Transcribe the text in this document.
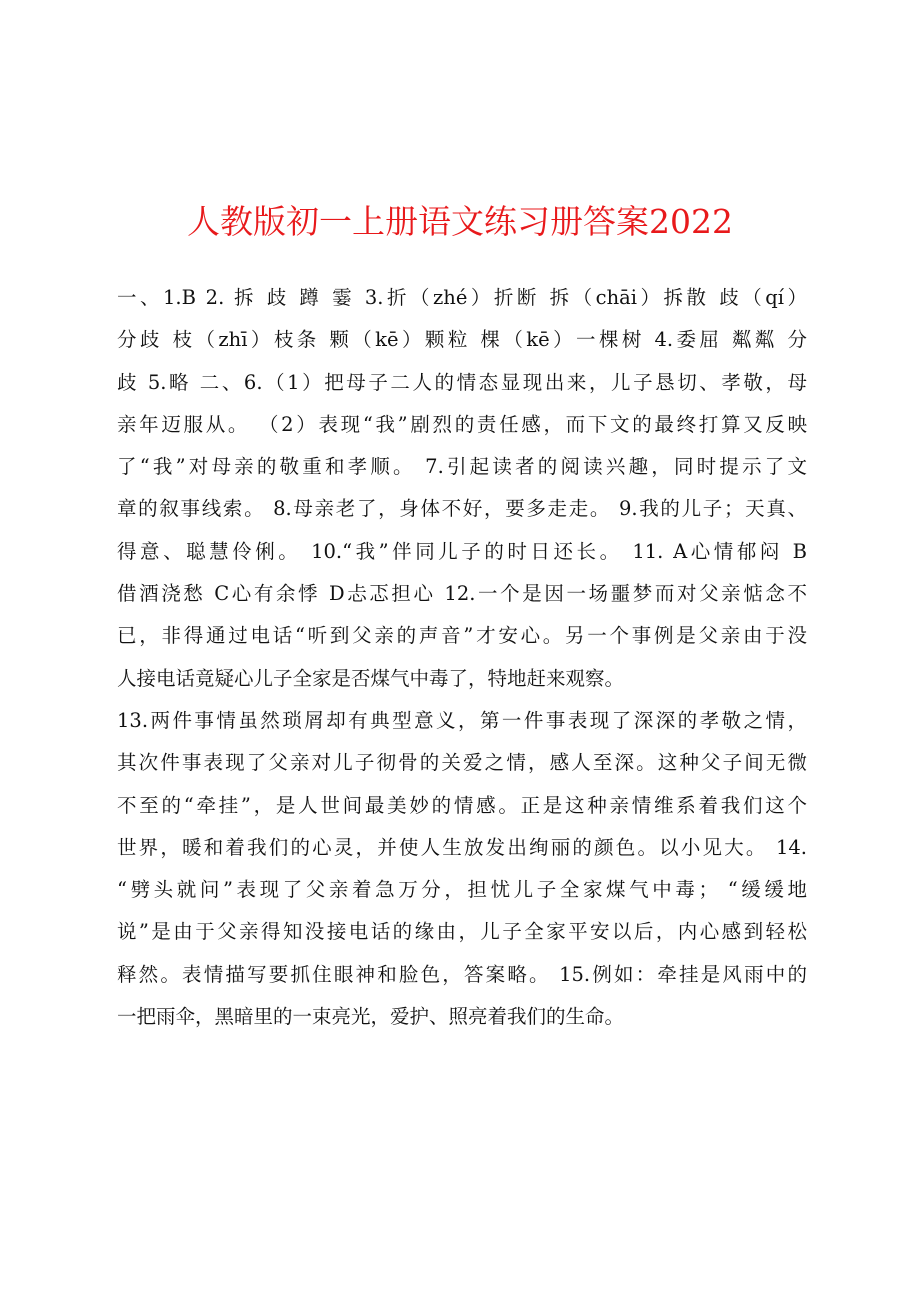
人教版初一上册语文练习册答案2022
一、1.B 2. 拆 歧 蹲 霎 3.折（zhé）折断 拆（chāi）拆散 歧（qí）
分歧 枝（zhī）枝条 颗（kē）颗粒 棵（kē）一棵树 4.委屈 粼粼 分
歧 5.略 二、6.（1）把母子二人的情态显现出来，儿子恳切、孝敬，母
亲年迈服从。 （2）表现“我”剧烈的责任感，而下文的最终打算又反映
了“我”对母亲的敬重和孝顺。 7.引起读者的阅读兴趣，同时提示了文
章的叙事线索。 8.母亲老了，身体不好，要多走走。 9.我的儿子；天真、
得意、聪慧伶俐。 10.“我”伴同儿子的时日还长。 11. A心情郁闷 B
借酒浇愁 C心有余悸 D忐忑担心 12.一个是因一场噩梦而对父亲惦念不
已，非得通过电话“听到父亲的声音”才安心。另一个事例是父亲由于没
人接电话竟疑心儿子全家是否煤气中毒了，特地赶来观察。
13.两件事情虽然琐屑却有典型意义，第一件事表现了深深的孝敬之情，
其次件事表现了父亲对儿子彻骨的关爱之情，感人至深。这种父子间无微
不至的“牵挂”，是人世间最美妙的情感。正是这种亲情维系着我们这个
世界，暖和着我们的心灵，并使人生放发出绚丽的颜色。以小见大。 14.
“劈头就问”表现了父亲着急万分，担忧儿子全家煤气中毒； “缓缓地
说”是由于父亲得知没接电话的缘由，儿子全家平安以后，内心感到轻松
释然。表情描写要抓住眼神和脸色，答案略。 15.例如：牵挂是风雨中的
一把雨伞，黑暗里的一束亮光，爱护、照亮着我们的生命。
